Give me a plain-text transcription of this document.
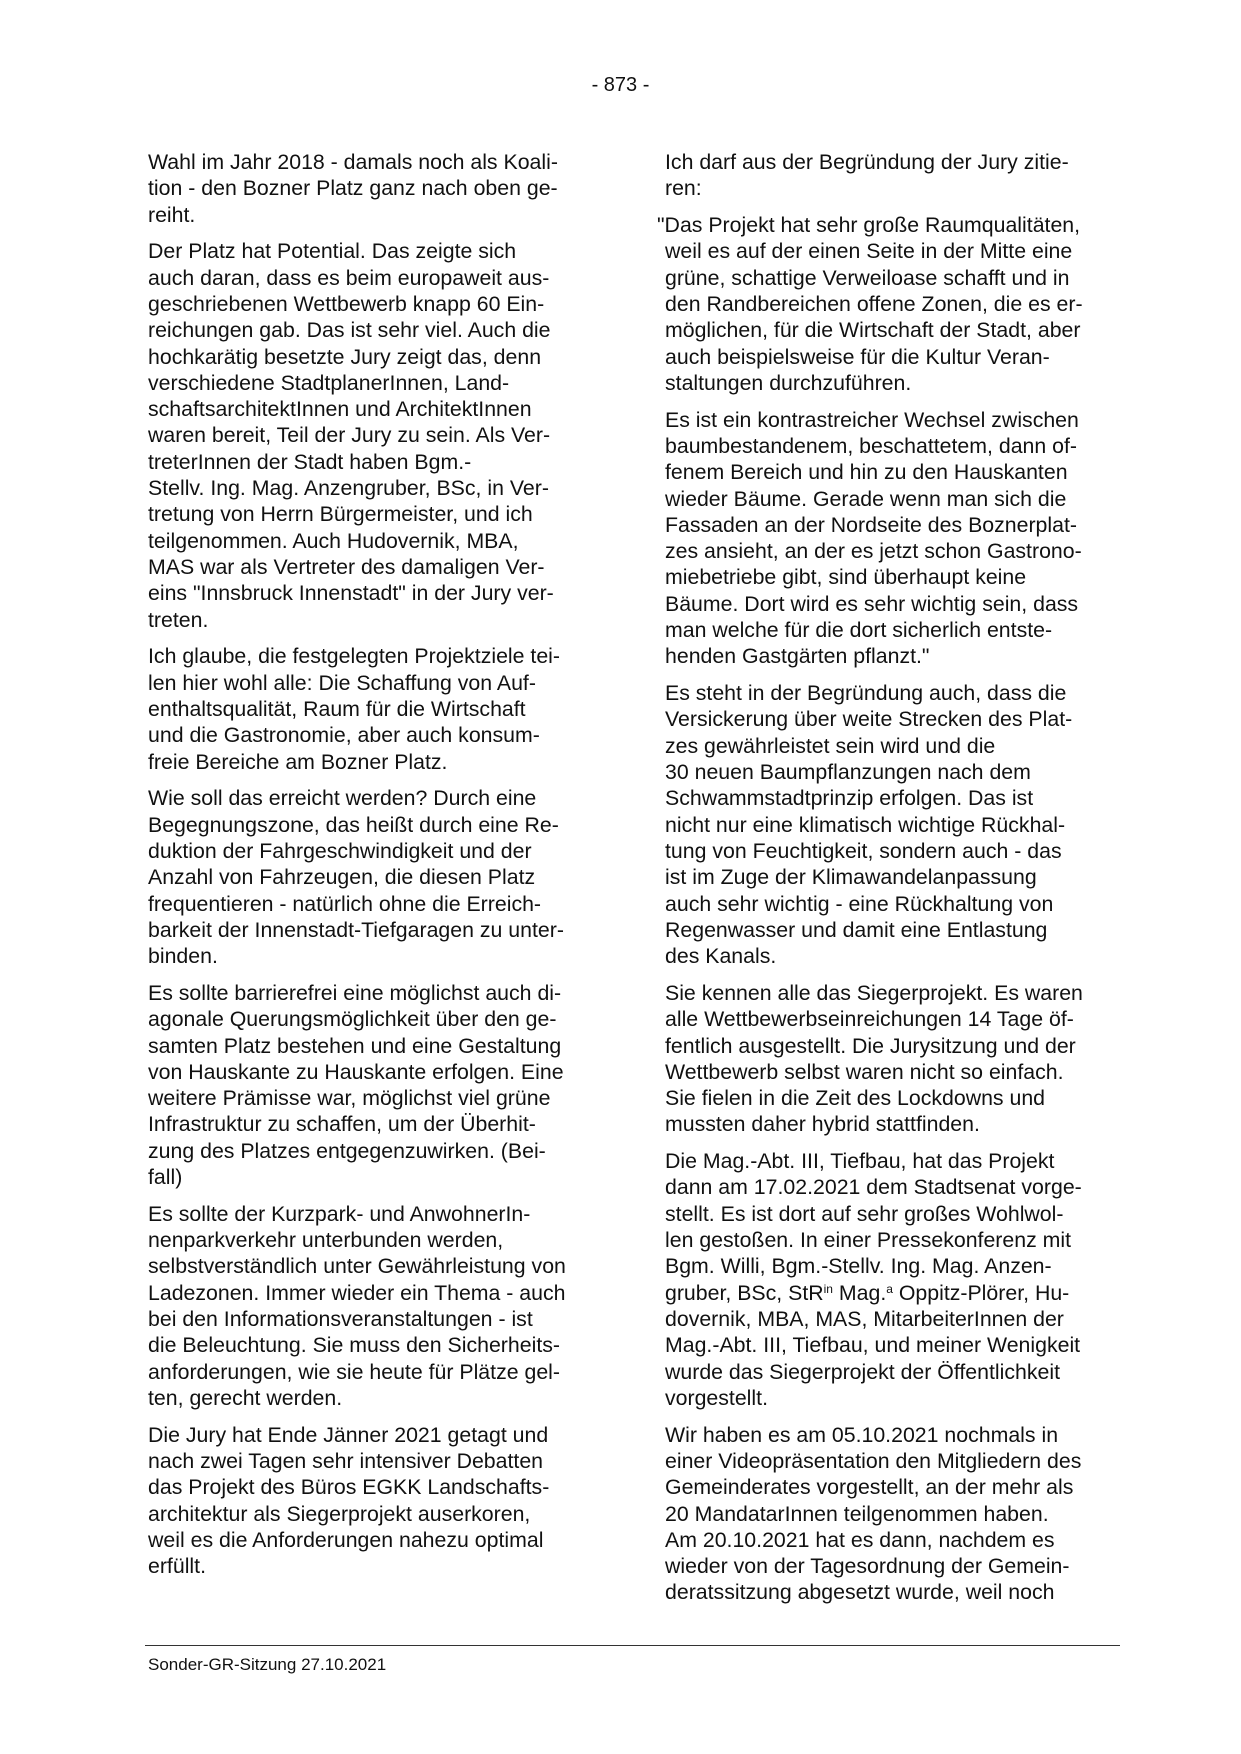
- 873 -

Wahl im Jahr 2018 - damals noch als Koali-
tion - den Bozner Platz ganz nach oben ge-
reiht.

Der Platz hat Potential. Das zeigte sich
auch daran, dass es beim europaweit aus-
geschriebenen Wettbewerb knapp 60 Ein-
reichungen gab. Das ist sehr viel. Auch die
hochkarätig besetzte Jury zeigt das, denn
verschiedene StadtplanerInnen, Land-
schaftsarchitektInnen und ArchitektInnen
waren bereit, Teil der Jury zu sein. Als Ver-
treterInnen der Stadt haben Bgm.-
Stellv. Ing. Mag. Anzengruber, BSc, in Ver-
tretung von Herrn Bürgermeister, und ich
teilgenommen. Auch Hudovernik, MBA,
MAS war als Vertreter des damaligen Ver-
eins "Innsbruck Innenstadt" in der Jury ver-
treten.

Ich glaube, die festgelegten Projektziele tei-
len hier wohl alle: Die Schaffung von Auf-
enthaltsqualität, Raum für die Wirtschaft
und die Gastronomie, aber auch konsum-
freie Bereiche am Bozner Platz.

Wie soll das erreicht werden? Durch eine
Begegnungszone, das heißt durch eine Re-
duktion der Fahrgeschwindigkeit und der
Anzahl von Fahrzeugen, die diesen Platz
frequentieren - natürlich ohne die Erreich-
barkeit der Innenstadt-Tiefgaragen zu unter-
binden.

Es sollte barrierefrei eine möglichst auch di-
agonale Querungsmöglichkeit über den ge-
samten Platz bestehen und eine Gestaltung
von Hauskante zu Hauskante erfolgen. Eine
weitere Prämisse war, möglichst viel grüne
Infrastruktur zu schaffen, um der Überhit-
zung des Platzes entgegenzuwirken. (Bei-
fall)

Es sollte der Kurzpark- und AnwohnerIn-
nenparkverkehr unterbunden werden,
selbstverständlich unter Gewährleistung von
Ladezonen. Immer wieder ein Thema - auch
bei den Informationsveranstaltungen - ist
die Beleuchtung. Sie muss den Sicherheits-
anforderungen, wie sie heute für Plätze gel-
ten, gerecht werden.

Die Jury hat Ende Jänner 2021 getagt und
nach zwei Tagen sehr intensiver Debatten
das Projekt des Büros EGKK Landschafts-
architektur als Siegerprojekt auserkoren,
weil es die Anforderungen nahezu optimal
erfüllt.

Ich darf aus der Begründung der Jury zitie-
ren:

"Das Projekt hat sehr große Raumqualitäten,
weil es auf der einen Seite in der Mitte eine
grüne, schattige Verweiloase schafft und in
den Randbereichen offene Zonen, die es er-
möglichen, für die Wirtschaft der Stadt, aber
auch beispielsweise für die Kultur Veran-
staltungen durchzuführen.

Es ist ein kontrastreicher Wechsel zwischen
baumbestandenem, beschattetem, dann of-
fenem Bereich und hin zu den Hauskanten
wieder Bäume. Gerade wenn man sich die
Fassaden an der Nordseite des Boznerplat-
zes ansieht, an der es jetzt schon Gastrono-
miebetriebe gibt, sind überhaupt keine
Bäume. Dort wird es sehr wichtig sein, dass
man welche für die dort sicherlich entste-
henden Gastgärten pflanzt."

Es steht in der Begründung auch, dass die
Versickerung über weite Strecken des Plat-
zes gewährleistet sein wird und die
30 neuen Baumpflanzungen nach dem
Schwammstadtprinzip erfolgen. Das ist
nicht nur eine klimatisch wichtige Rückhal-
tung von Feuchtigkeit, sondern auch - das
ist im Zuge der Klimawandelanpassung
auch sehr wichtig - eine Rückhaltung von
Regenwasser und damit eine Entlastung
des Kanals.

Sie kennen alle das Siegerprojekt. Es waren
alle Wettbewerbseinreichungen 14 Tage öf-
fentlich ausgestellt. Die Jurysitzung und der
Wettbewerb selbst waren nicht so einfach.
Sie fielen in die Zeit des Lockdowns und
mussten daher hybrid stattfinden.

Die Mag.-Abt. III, Tiefbau, hat das Projekt
dann am 17.02.2021 dem Stadtsenat vorge-
stellt. Es ist dort auf sehr großes Wohlwol-
len gestoßen. In einer Pressekonferenz mit
Bgm. Willi, Bgm.-Stellv. Ing. Mag. Anzen-
gruber, BSc, StR$^{in}$ Mag.$^a$ Oppitz-Plörer, Hu-
dovernik, MBA, MAS, MitarbeiterInnen der
Mag.-Abt. III, Tiefbau, und meiner Wenigkeit
wurde das Siegerprojekt der Öffentlichkeit
vorgestellt.

Wir haben es am 05.10.2021 nochmals in
einer Videopräsentation den Mitgliedern des
Gemeinderates vorgestellt, an der mehr als
20 MandatarInnen teilgenommen haben.
Am 20.10.2021 hat es dann, nachdem es
wieder von der Tagesordnung der Gemein-
deratssitzung abgesetzt wurde, weil noch

Sonder-GR-Sitzung 27.10.2021
